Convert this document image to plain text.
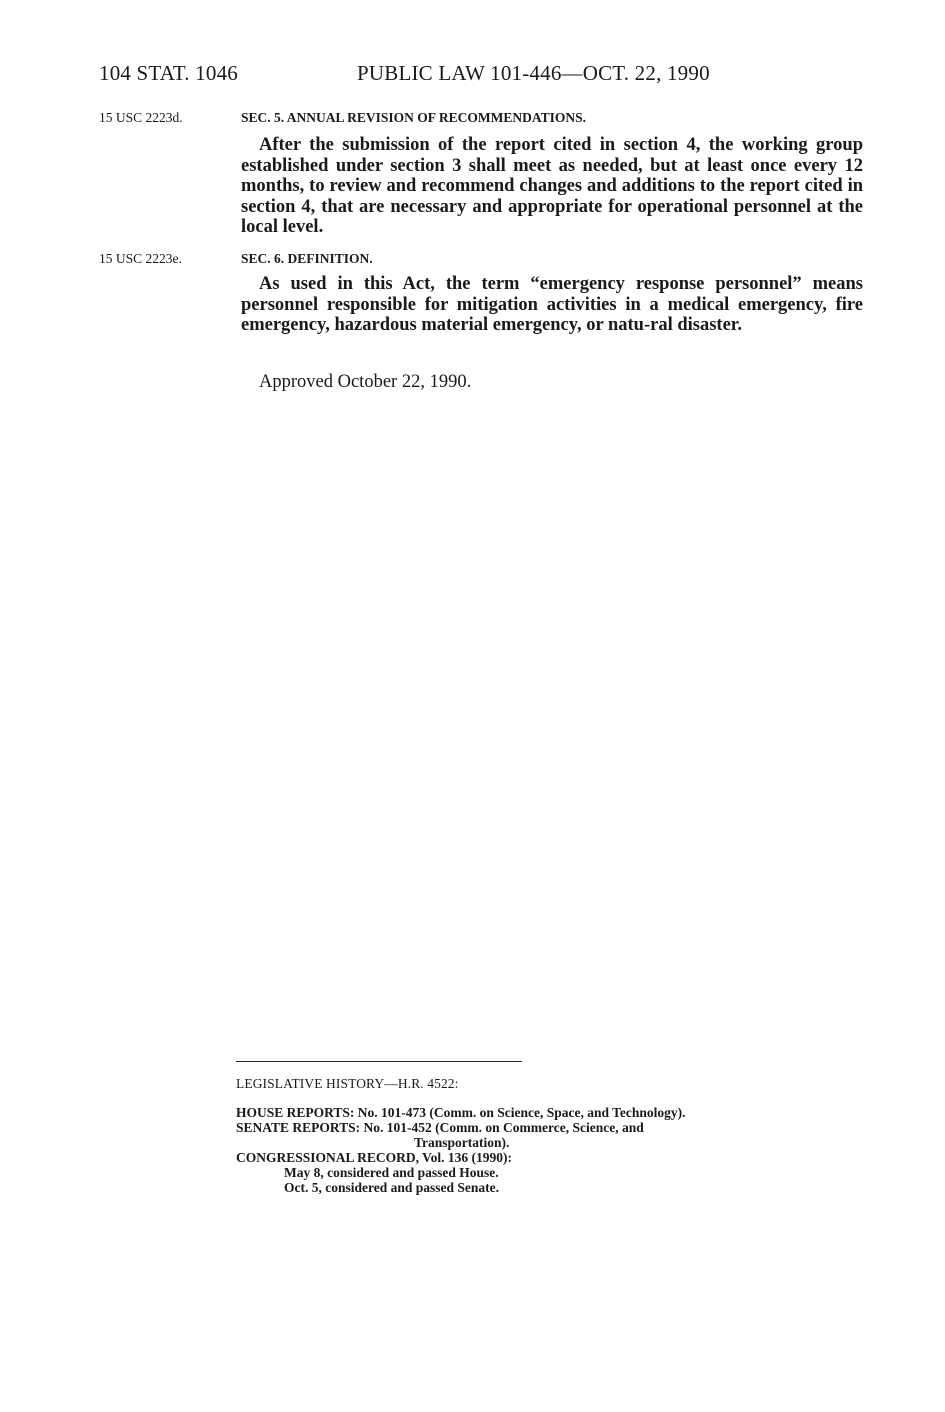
104 STAT. 1046	PUBLIC LAW 101-446—OCT. 22, 1990
15 USC 2223d.	SEC. 5. ANNUAL REVISION OF RECOMMENDATIONS.

After the submission of the report cited in section 4, the working group established under section 3 shall meet as needed, but at least once every 12 months, to review and recommend changes and additions to the report cited in section 4, that are necessary and appropriate for operational personnel at the local level.

15 USC 2223e.	SEC. 6. DEFINITION.

As used in this Act, the term “emergency response personnel” means personnel responsible for mitigation activities in a medical emergency, fire emergency, hazardous material emergency, or natu-ral disaster.

Approved October 22, 1990.
LEGISLATIVE HISTORY—H.R. 4522:
HOUSE REPORTS: No. 101-473 (Comm. on Science, Space, and Technology).
SENATE REPORTS: No. 101-452 (Comm. on Commerce, Science, and
Transportation).
CONGRESSIONAL RECORD, Vol. 136 (1990):
May 8, considered and passed House.
Oct. 5, considered and passed Senate.
